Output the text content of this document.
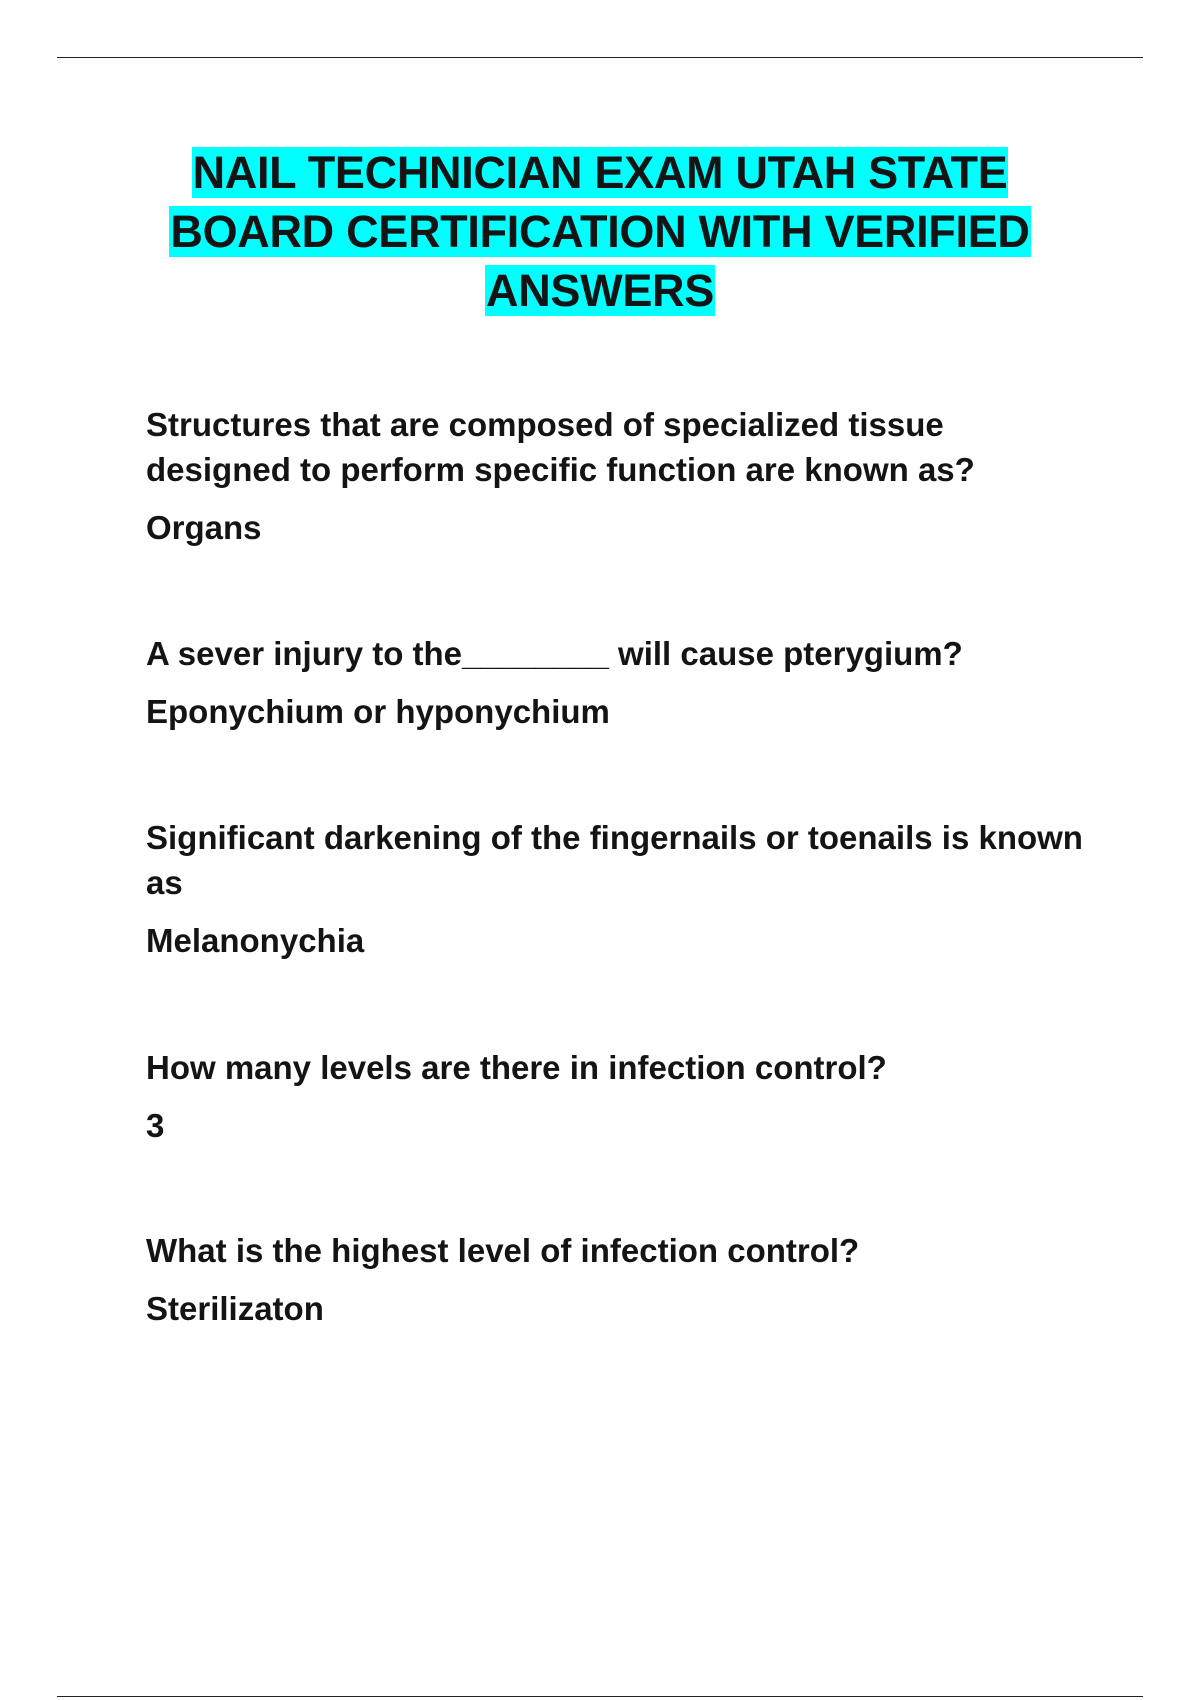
NAIL TECHNICIAN EXAM UTAH STATE
BOARD CERTIFICATION WITH VERIFIED
ANSWERS

Structures that are composed of specialized tissue designed to perform specific function are known as?

Organs

A sever injury to the________ will cause pterygium?

Eponychium or hyponychium

Significant darkening of the fingernails or toenails is known as

Melanonychia

How many levels are there in infection control?

3

What is the highest level of infection control?

Sterilizaton
